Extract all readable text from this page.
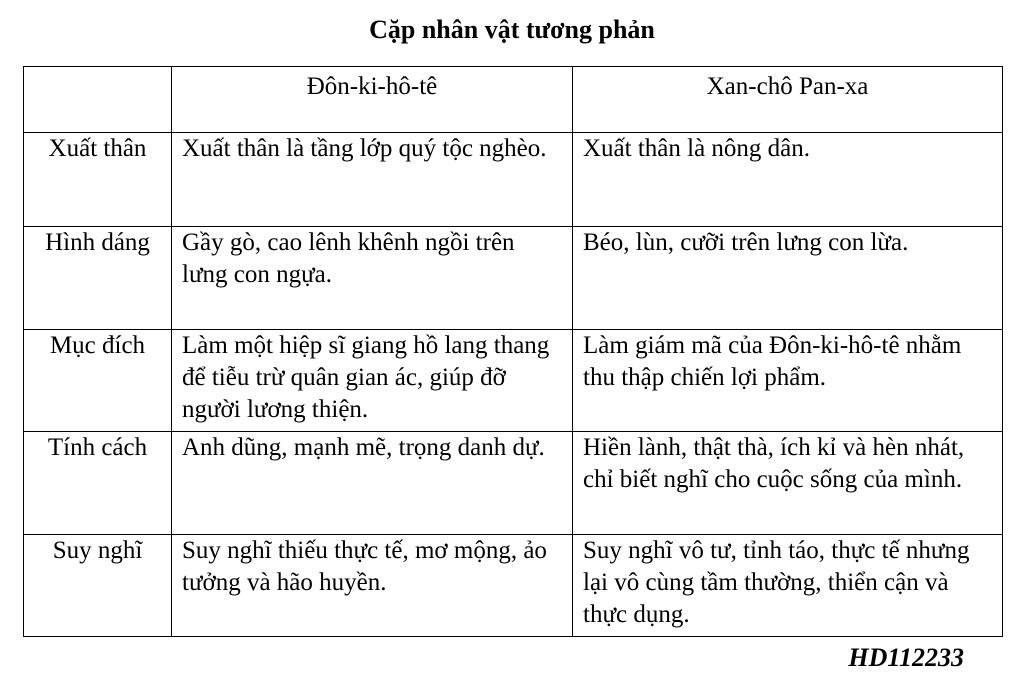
Cặp nhân vật tương phản
	Đôn-ki-hô-tê	Xan-chô Pan-xa
Xuất thân	Xuất thân là tầng lớp quý tộc nghèo.	Xuất thân là nông dân.
Hình dáng	Gầy gò, cao lênh khênh ngồi trên lưng con ngựa.	Béo, lùn, cưỡi trên lưng con lừa.
Mục đích	Làm một hiệp sĩ giang hồ lang thang để tiễu trừ quân gian ác, giúp đỡ người lương thiện.	Làm giám mã của Đôn-ki-hô-tê nhằm thu thập chiến lợi phẩm.
Tính cách	Anh dũng, mạnh mẽ, trọng danh dự.	Hiền lành, thật thà, ích kỉ và hèn nhát, chỉ biết nghĩ cho cuộc sống của mình.
Suy nghĩ	Suy nghĩ thiếu thực tế, mơ mộng, ảo tưởng và hão huyền.	Suy nghĩ vô tư, tỉnh táo, thực tế nhưng lại vô cùng tầm thường, thiển cận và thực dụng.
HD112233
